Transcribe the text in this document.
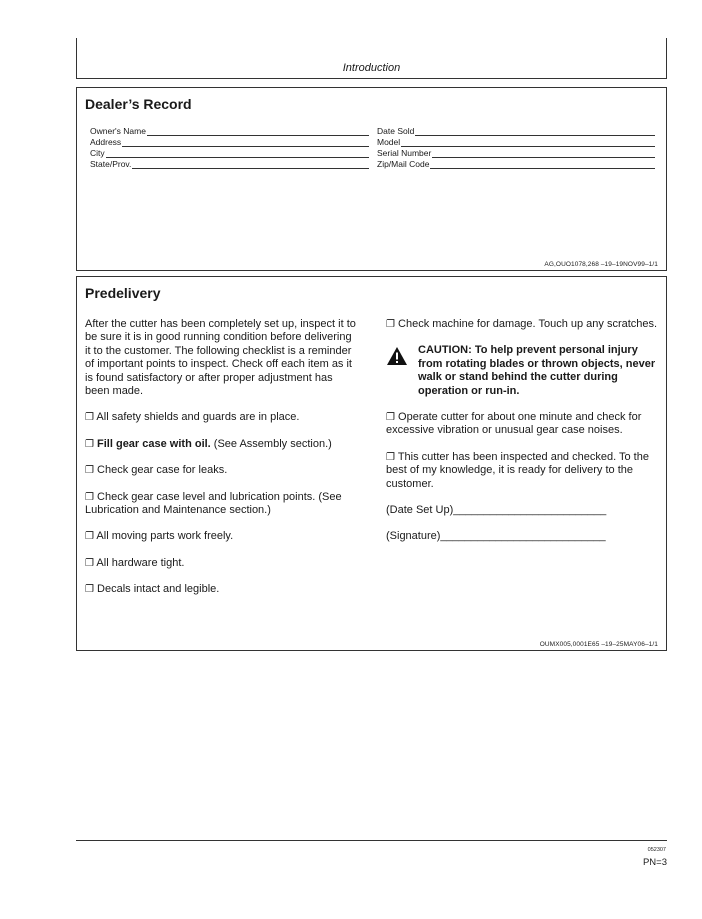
Introduction
Dealer’s Record
Owner's Name
Address
City
State/Prov.
Date Sold
Model
Serial Number
Zip/Mail Code
AG,OUO1078,268 –19–19NOV99–1/1
Predelivery

After the cutter has been completely set up, inspect it to be sure it is in good running condition before delivering it to the customer. The following checklist is a reminder of important points to inspect. Check off each item as it is found satisfactory or after proper adjustment has been made.

❐ All safety shields and guards are in place.

❐ Fill gear case with oil. (See Assembly section.)

❐ Check gear case for leaks.

❐ Check gear case level and lubrication points. (See Lubrication and Maintenance section.)

❐ All moving parts work freely.

❐ All hardware tight.

❐ Decals intact and legible.

❐ Check machine for damage. Touch up any scratches.

CAUTION: To help prevent personal injury from rotating blades or thrown objects, never walk or stand behind the cutter during operation or run-in.

❐ Operate cutter for about one minute and check for excessive vibration or unusual gear case noises.

❐ This cutter has been inspected and checked. To the best of my knowledge, it is ready for delivery to the customer.

(Date Set Up)_________________________

(Signature)___________________________

OUMX005,0001E65 –19–25MAY06–1/1
052307
PN=3
